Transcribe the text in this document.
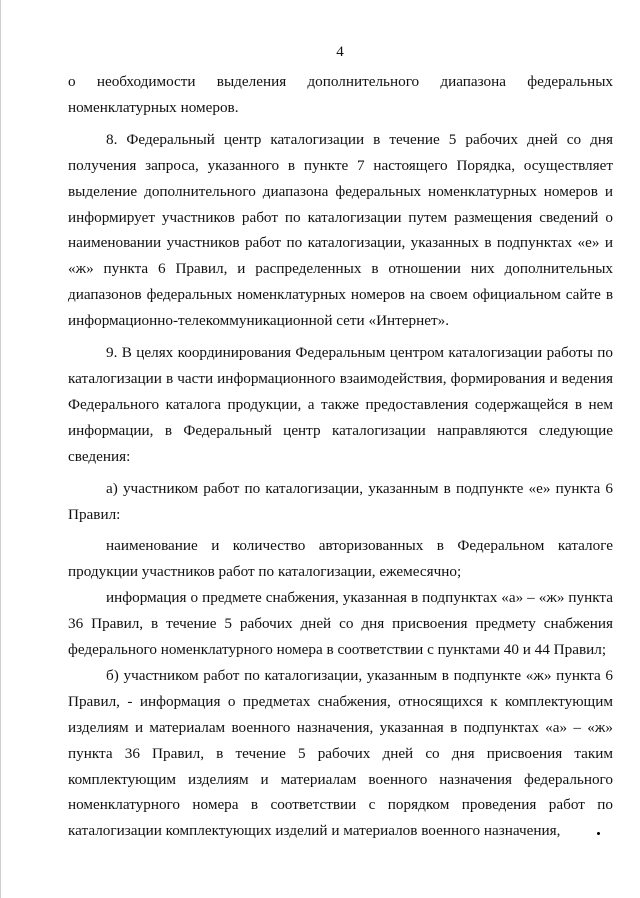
4

о необходимости выделения дополнительного диапазона федеральных номенклатурных номеров.

8. Федеральный центр каталогизации в течение 5 рабочих дней со дня получения запроса, указанного в пункте 7 настоящего Порядка, осуществляет выделение дополнительного диапазона федеральных номенклатурных номеров и информирует участников работ по каталогизации путем размещения сведений о наименовании участников работ по каталогизации, указанных в подпунктах «е» и «ж» пункта 6 Правил, и распределенных в отношении них дополнительных диапазонов федеральных номенклатурных номеров на своем официальном сайте в информационно-телекоммуникационной сети «Интернет».

9. В целях координирования Федеральным центром каталогизации работы по каталогизации в части информационного взаимодействия, формирования и ведения Федерального каталога продукции, а также предоставления содержащейся в нем информации, в Федеральный центр каталогизации направляются следующие сведения:

а) участником работ по каталогизации, указанным в подпункте «е» пункта 6 Правил:

наименование и количество авторизованных в Федеральном каталоге продукции участников работ по каталогизации, ежемесячно;

информация о предмете снабжения, указанная в подпунктах «а» – «ж» пункта 36 Правил, в течение 5 рабочих дней со дня присвоения предмету снабжения федерального номенклатурного номера в соответствии с пунктами 40 и 44 Правил;

б) участником работ по каталогизации, указанным в подпункте «ж» пункта 6 Правил, - информация о предметах снабжения, относящихся к комплектующим изделиям и материалам военного назначения, указанная в подпунктах «а» – «ж» пункта 36 Правил, в течение 5 рабочих дней со дня присвоения таким комплектующим изделиям и материалам военного назначения федерального номенклатурного номера в соответствии с порядком проведения работ по каталогизации комплектующих изделий и материалов военного назначения,
